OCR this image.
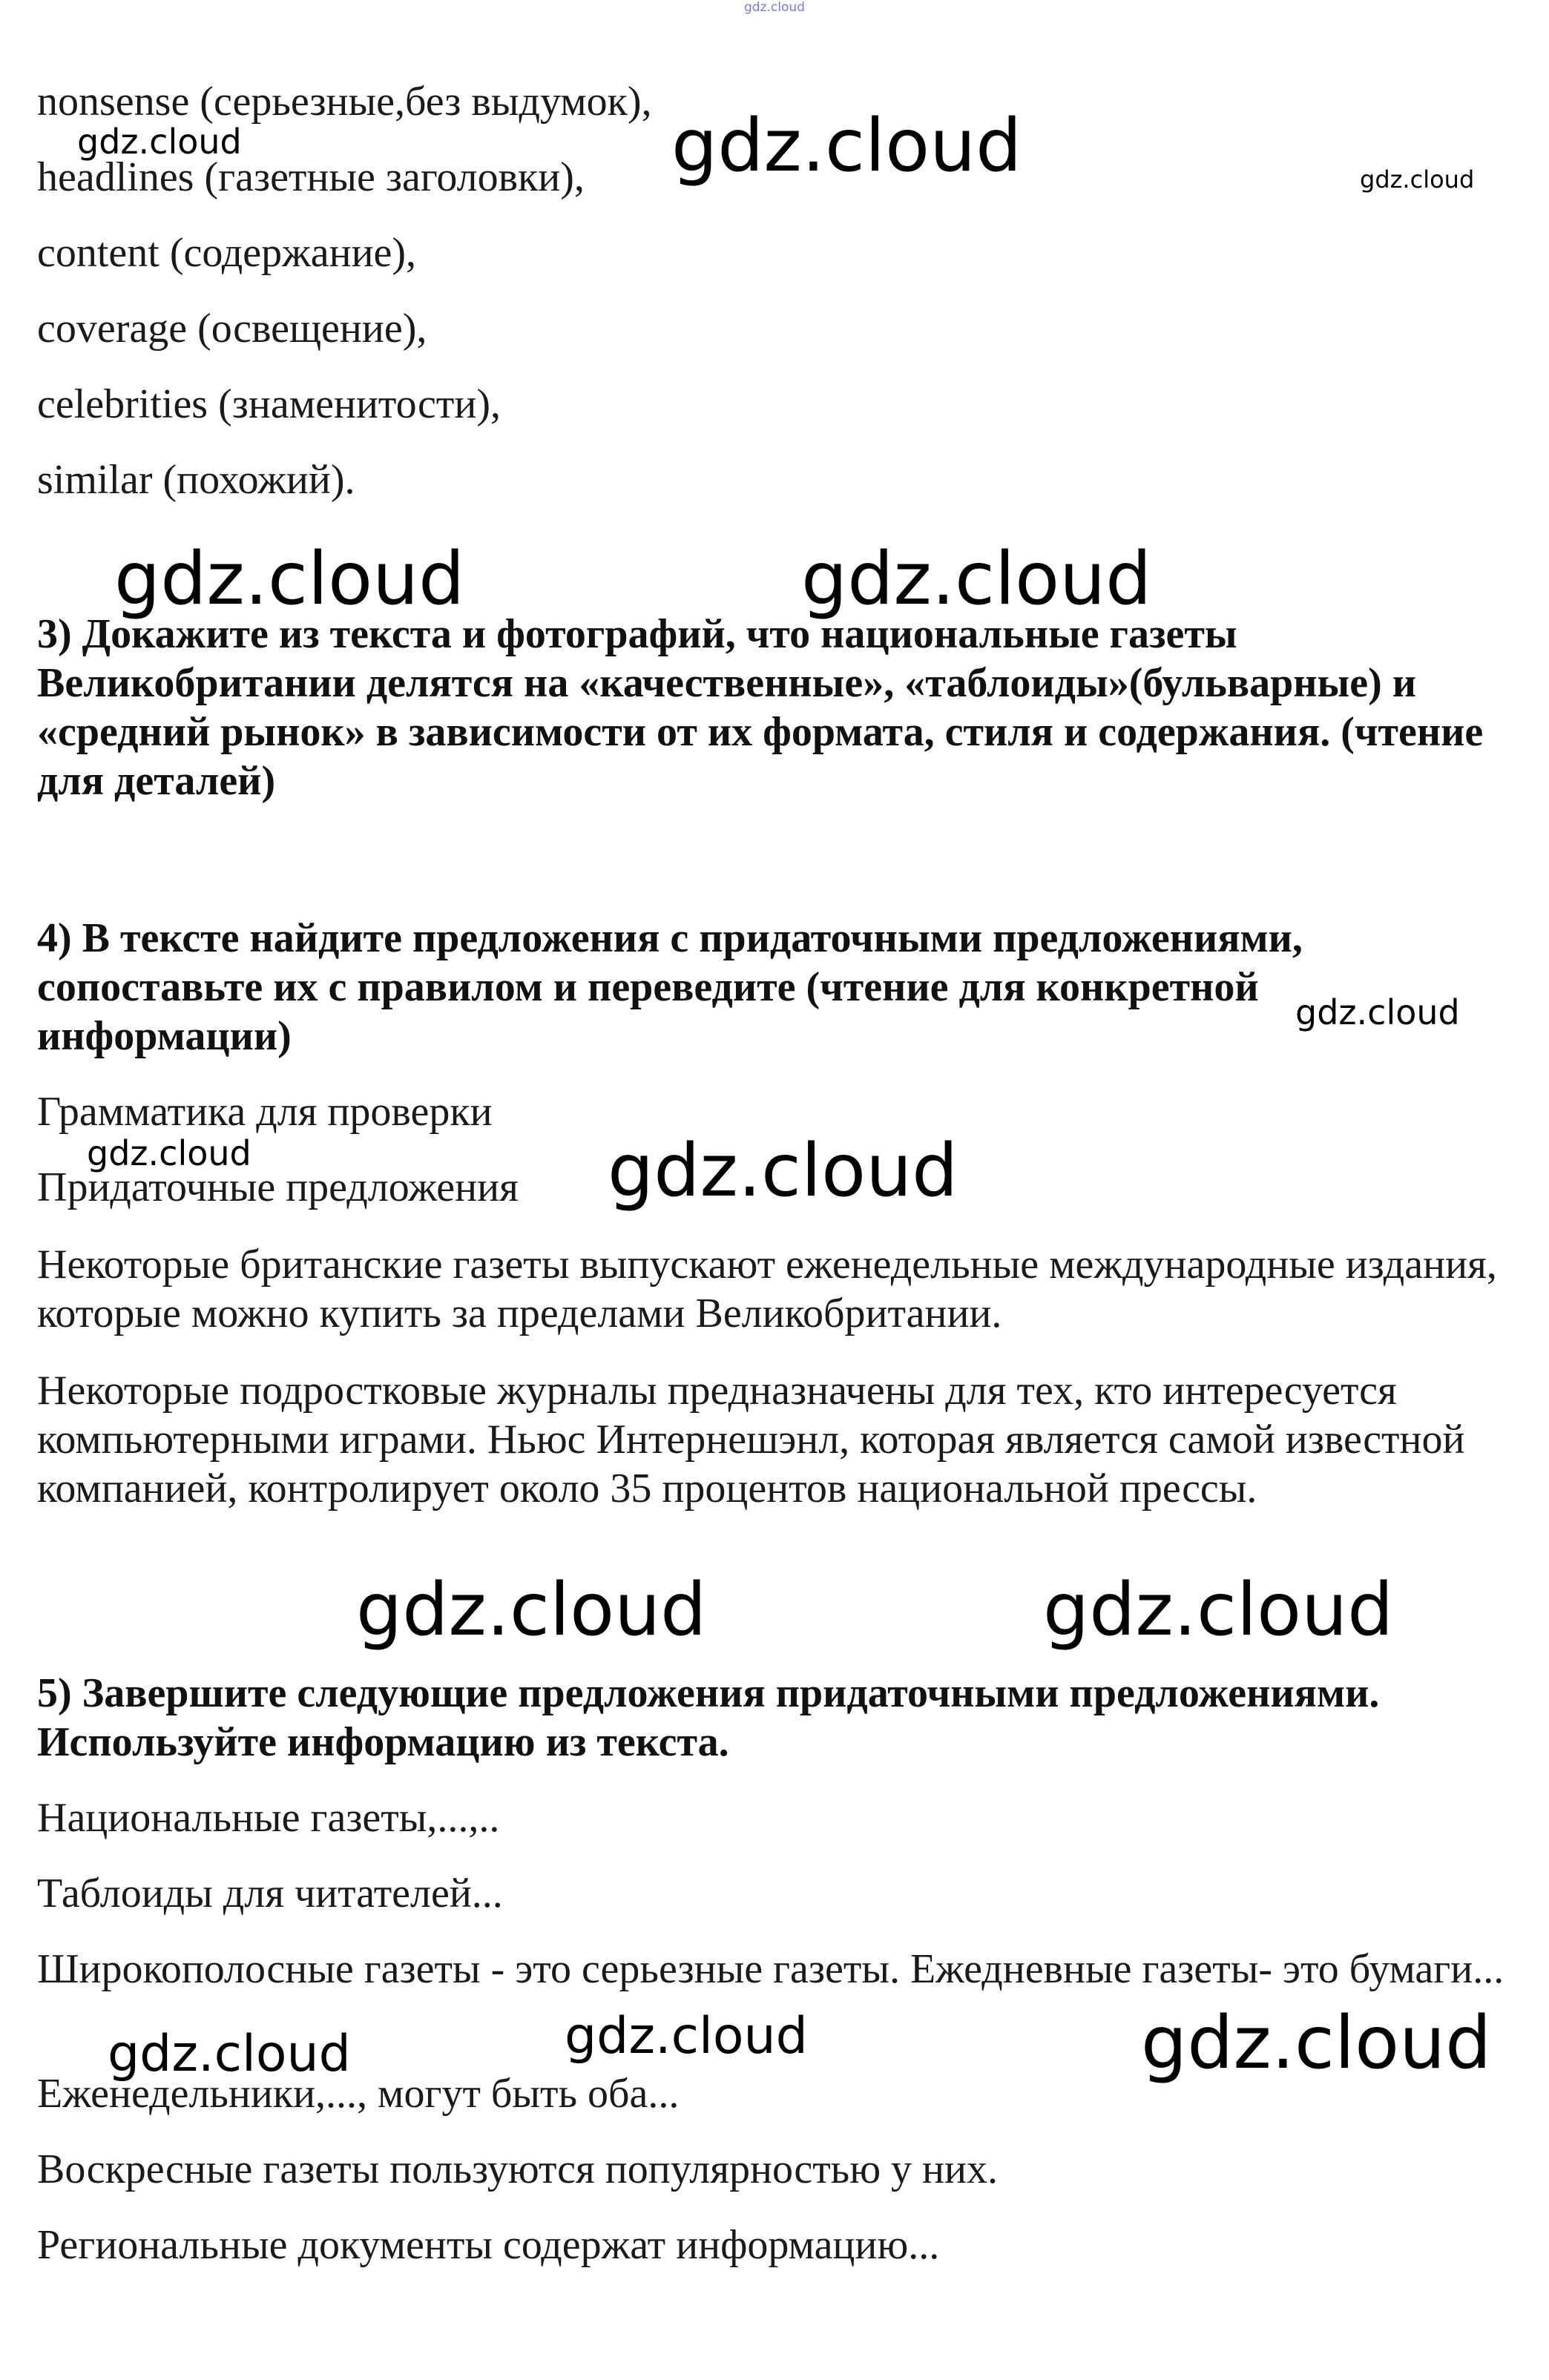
gdz.cloud

nonsense (серьезные,без выдумок),

headlines (газетные заголовки),

content (содержание),

coverage (освещение),

celebrities (знаменитости),

similar (похожий).

3) Докажите из текста и фотографий, что национальные газеты Великобритании делятся на «качественные», «таблоиды»(бульварные) и «средний рынок» в зависимости от их формата, стиля и содержания. (чтение для деталей)

4) В тексте найдите предложения с придаточными предложениями, сопоставьте их с правилом и переведите (чтение для конкретной информации)

Грамматика для проверки

Придаточные предложения

Некоторые британские газеты выпускают еженедельные международные издания, которые можно купить за пределами Великобритании.

Некоторые подростковые журналы предназначены для тех, кто интересуется компьютерными играми. Ньюс Интернешэнл, которая является самой известной компанией, контролирует около 35 процентов национальной прессы.

5) Завершите следующие предложения придаточными предложениями. Используйте информацию из текста.

Национальные газеты,...,..

Таблоиды для читателей...

Широкополосные газеты - это серьезные газеты. Ежедневные газеты- это бумаги...

Еженедельники,..., могут быть оба...

Воскресные газеты пользуются популярностью у них.

Региональные документы содержат информацию...

gdz.cloud	gdz.cloud	gdz.cloud
gdz.cloud	gdz.cloud
gdz.cloud
gdz.cloud	gdz.cloud
gdz.cloud	gdz.cloud
gdz.cloud	gdz.cloud	gdz.cloud
